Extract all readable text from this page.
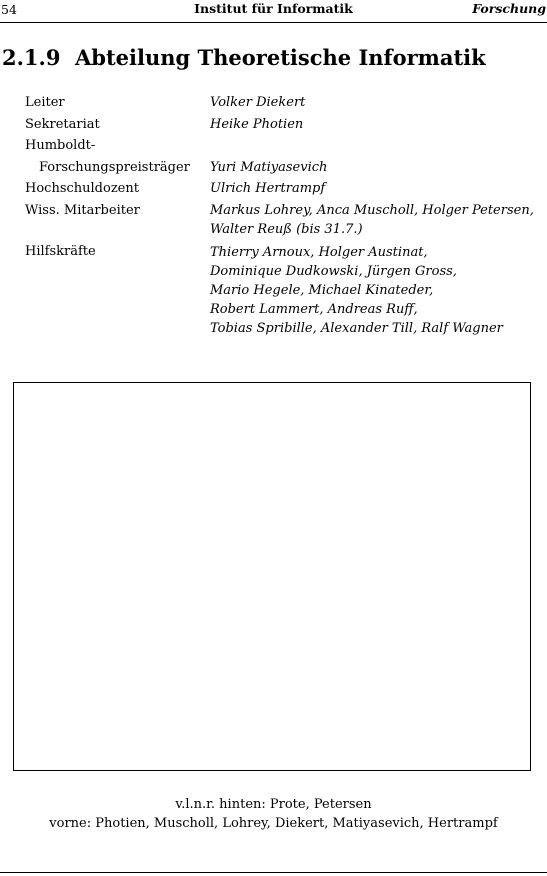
54	Institut für Informatik	Forschung
2.1.9 Abteilung Theoretische Informatik
Leiter	Volker Diekert
Sekretariat	Heike Photien
Humboldt-
Forschungspreisträger	Yuri Matiyasevich
Hochschuldozent	Ulrich Hertrampf
Wiss. Mitarbeiter	Markus Lohrey, Anca Muscholl, Holger Petersen,
Walter Reuß (bis 31.7.)
Hilfskräfte	Thierry Arnoux, Holger Austinat,
Dominique Dudkowski, Jürgen Gross,
Mario Hegele, Michael Kinateder,
Robert Lammert, Andreas Ruff,
Tobias Spribille, Alexander Till, Ralf Wagner
v.l.n.r. hinten: Prote, Petersen
vorne: Photien, Muscholl, Lohrey, Diekert, Matiyasevich, Hertrampf
